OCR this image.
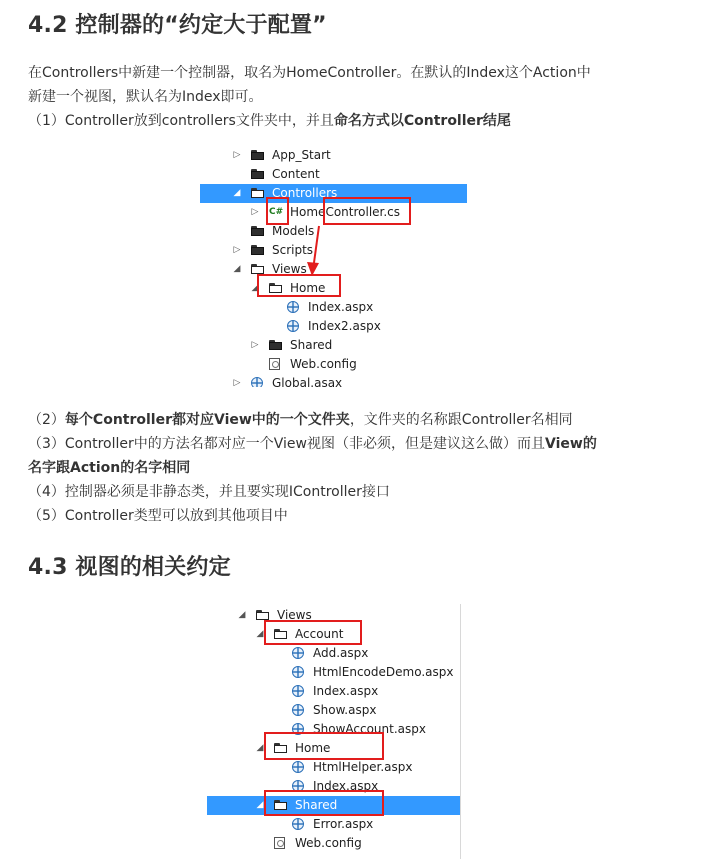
4.2 控制器的“约定大于配置”

在Controllers中新建一个控制器，取名为HomeController。在默认的Index这个Action中

新建一个视图，默认名为Index即可。

（1）Controller放到controllers文件夹中，并且命名方式以Controller结尾

▷	App_Start
Content
◢	Controllers
▷ C# HomeController.cs
Models
▷	Scripts
◢	Views
◢	Home
Index.aspx
Index2.aspx
▷	Shared
Web.config
▷	Global.asax

（2）每个Controller都对应View中的一个文件夹，文件夹的名称跟Controller名相同

（3）Controller中的方法名都对应一个View视图（非必须，但是建议这么做）而且View的

名字跟Action的名字相同

（4）控制器必须是非静态类，并且要实现IController接口

（5）Controller类型可以放到其他项目中

4.3 视图的相关约定
◢	Views
◢	Account
Add.aspx
HtmlEncodeDemo.aspx
Index.aspx
Show.aspx
ShowAccount.aspx
◢	Home
HtmlHelper.aspx
Index.aspx
◢	Shared
Error.aspx
Web.config
